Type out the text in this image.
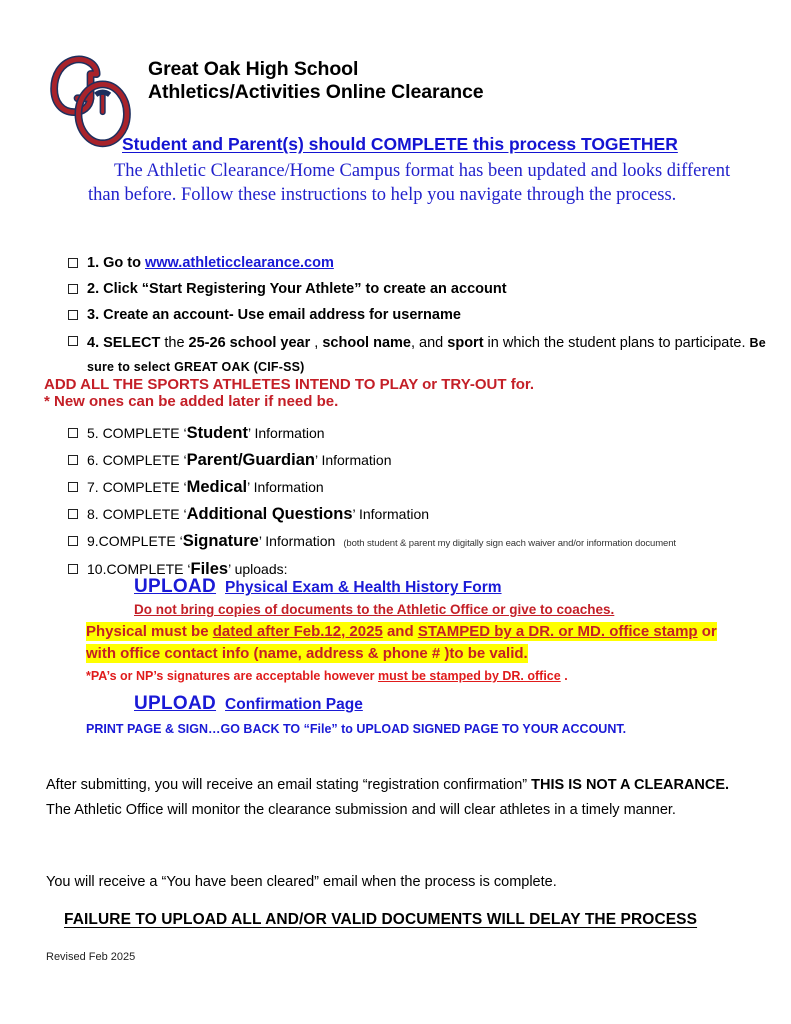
Great Oak High School
Athletics/Activities Online Clearance
Student and Parent(s) should COMPLETE this process TOGETHER
The Athletic Clearance/Home Campus format has been updated and looks different than before. Follow these instructions to help you navigate through the process.
1. Go to www.athleticclearance.com
2. Click “Start Registering Your Athlete” to create an account
3. Create an account- Use email address for username
4. SELECT the 25-26 school year , school name, and sport in which the student plans to participate. Be sure to select GREAT OAK (CIF-SS)
5. COMPLETE ‘Student’ Information
6. COMPLETE ‘Parent/Guardian’ Information
7. COMPLETE ‘Medical’ Information
8. COMPLETE ‘Additional Questions’ Information
9.COMPLETE ‘Signature’ Information (both student & parent my digitally sign each waiver and/or information document
10.COMPLETE ‘Files’ uploads:
ADD ALL THE SPORTS ATHLETES INTEND TO PLAY or TRY-OUT for.
* New ones can be added later if need be.
UPLOAD Physical Exam & Health History Form
Do not bring copies of documents to the Athletic Office or give to coaches.
Physical must be dated after Feb.12, 2025 and STAMPED by a DR. or MD. office stamp or with office contact info (name, address & phone # )to be valid.
*PA’s or NP’s signatures are acceptable however must be stamped by DR. office .
UPLOAD Confirmation Page
PRINT PAGE & SIGN…GO BACK TO “File” to UPLOAD SIGNED PAGE TO YOUR ACCOUNT.
After submitting, you will receive an email stating “registration confirmation” THIS IS NOT A CLEARANCE. The Athletic Office will monitor the clearance submission and will clear athletes in a timely manner.
You will receive a “You have been cleared” email when the process is complete.
FAILURE TO UPLOAD ALL AND/OR VALID DOCUMENTS WILL DELAY THE PROCESS
Revised Feb 2025
